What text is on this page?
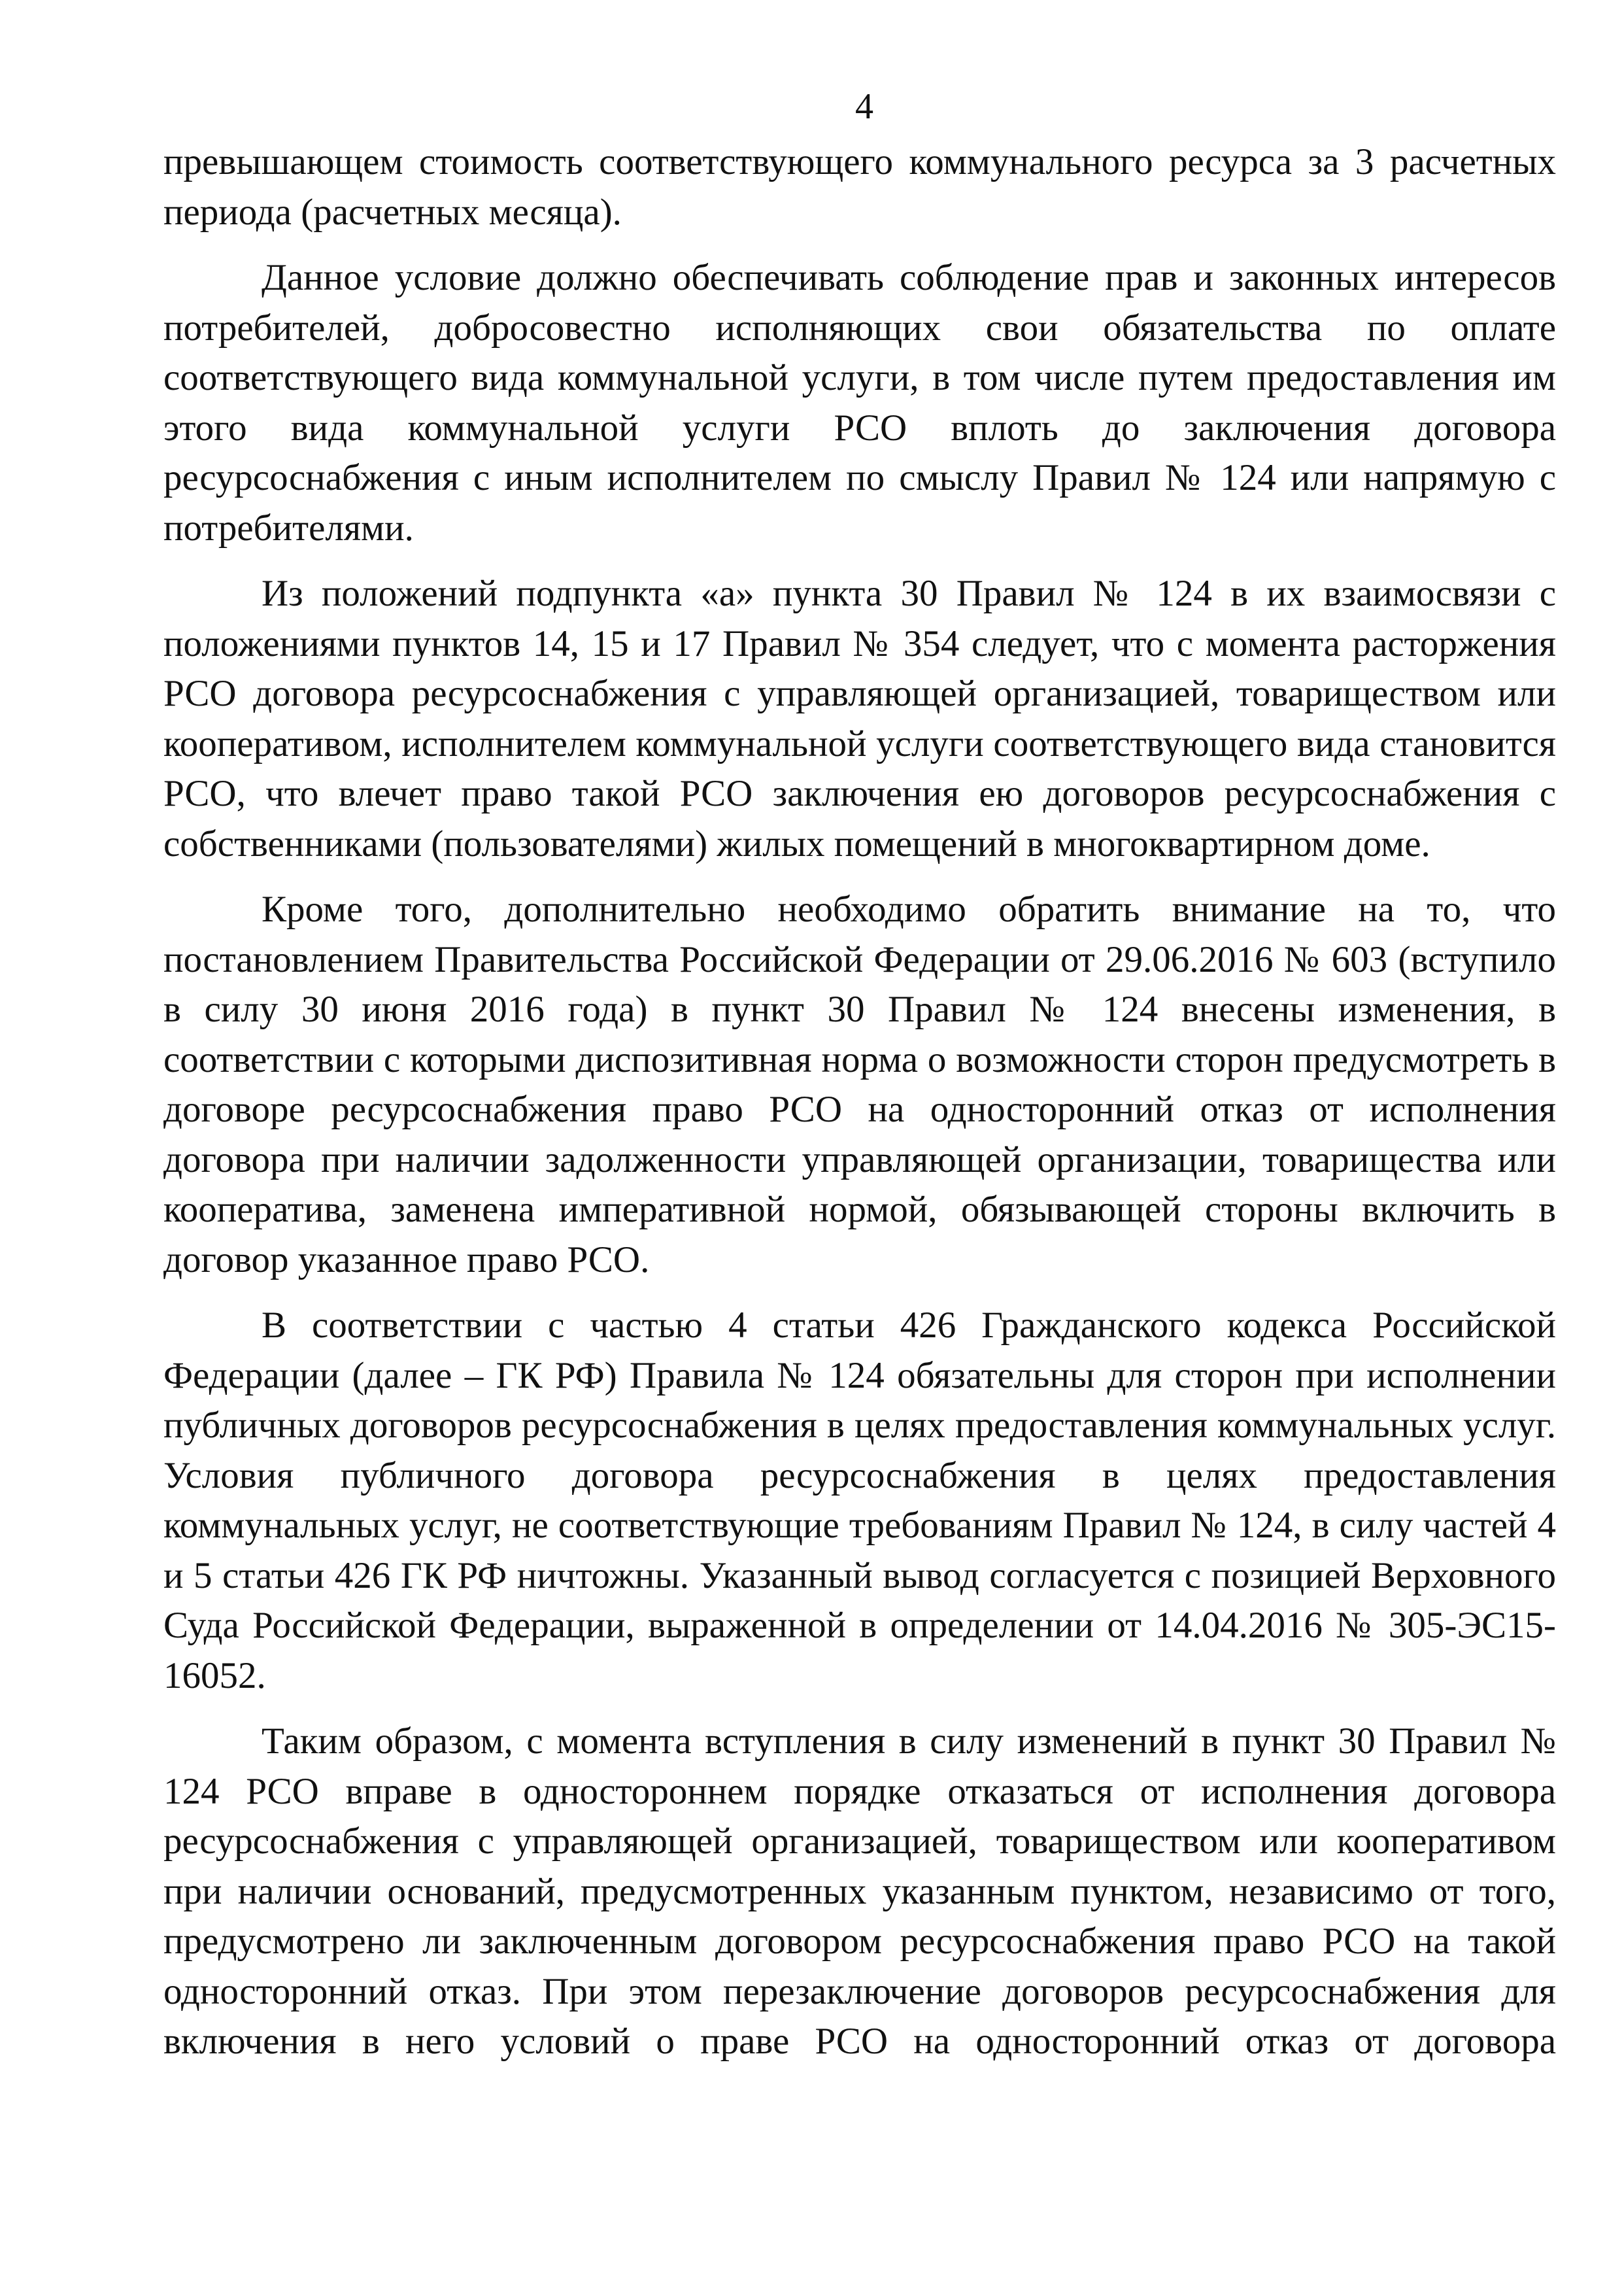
4

превышающем стоимость соответствующего коммунального ресурса за 3 расчетных периода (расчетных месяца).

Данное условие должно обеспечивать соблюдение прав и законных интересов потребителей, добросовестно исполняющих свои обязательства по оплате соответствующего вида коммунальной услуги, в том числе путем предоставления им этого вида коммунальной услуги РСО вплоть до заключения договора ресурсоснабжения с иным исполнителем по смыслу Правил № 124 или напрямую с потребителями.

Из положений подпункта «а» пункта 30 Правил № 124 в их взаимосвязи с положениями пунктов 14, 15 и 17 Правил № 354 следует, что с момента расторжения РСО договора ресурсоснабжения с управляющей организацией, товариществом или кооперативом, исполнителем коммунальной услуги соответствующего вида становится РСО, что влечет право такой РСО заключения ею договоров ресурсоснабжения с собственниками (пользователями) жилых помещений в многоквартирном доме.

Кроме того, дополнительно необходимо обратить внимание на то, что постановлением Правительства Российской Федерации от 29.06.2016 № 603 (вступило в силу 30 июня 2016 года) в пункт 30 Правил № 124 внесены изменения, в соответствии с которыми диспозитивная норма о возможности сторон предусмотреть в договоре ресурсоснабжения право РСО на односторонний отказ от исполнения договора при наличии задолженности управляющей организации, товарищества или кооператива, заменена императивной нормой, обязывающей стороны включить в договор указанное право РСО.

В соответствии с частью 4 статьи 426 Гражданского кодекса Российской Федерации (далее – ГК РФ) Правила № 124 обязательны для сторон при исполнении публичных договоров ресурсоснабжения в целях предоставления коммунальных услуг. Условия публичного договора ресурсоснабжения в целях предоставления коммунальных услуг, не соответствующие требованиям Правил № 124, в силу частей 4 и 5 статьи 426 ГК РФ ничтожны. Указанный вывод согласуется с позицией Верховного Суда Российской Федерации, выраженной в определении от 14.04.2016 № 305-ЭС15-16052.

Таким образом, с момента вступления в силу изменений в пункт 30 Правил № 124 РСО вправе в одностороннем порядке отказаться от исполнения договора ресурсоснабжения с управляющей организацией, товариществом или кооперативом при наличии оснований, предусмотренных указанным пунктом, независимо от того, предусмотрено ли заключенным договором ресурсоснабжения право РСО на такой односторонний отказ. При этом перезаключение договоров ресурсоснабжения для включения в него условий о праве РСО на односторонний отказ от договора
